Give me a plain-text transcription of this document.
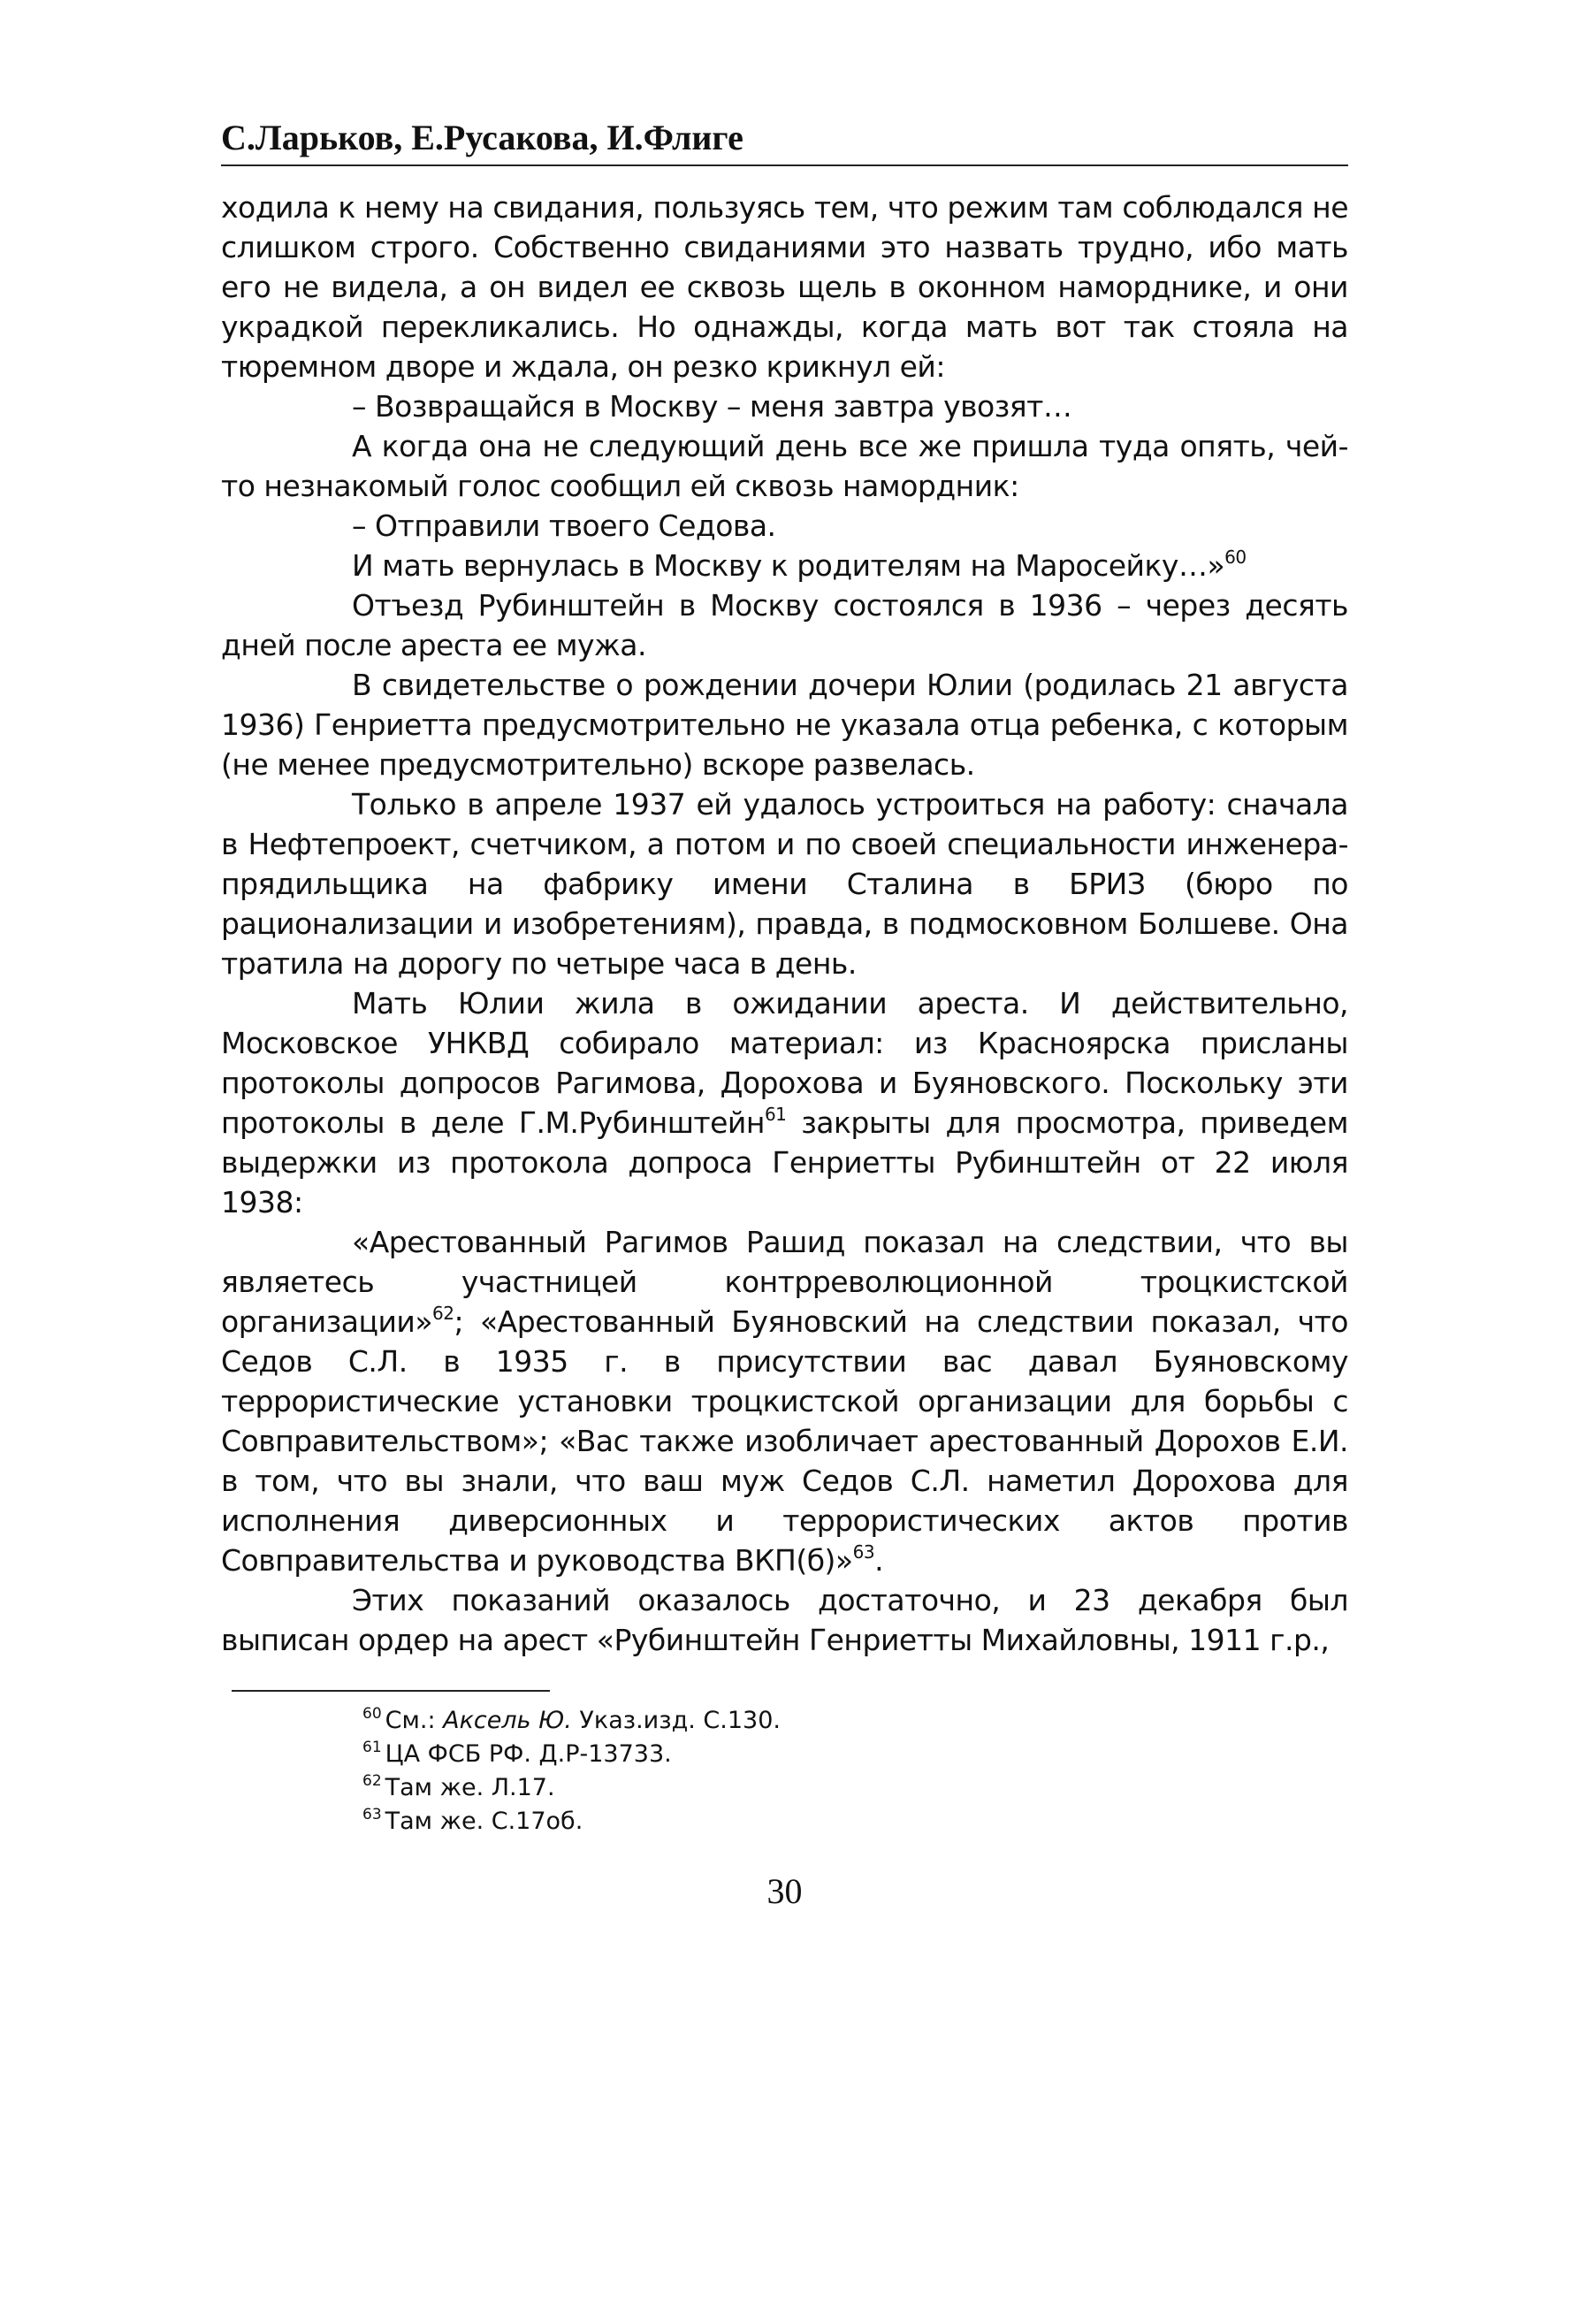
С.Ларьков, Е.Русакова, И.Флиге

ходила к нему на свидания, пользуясь тем, что режим там соблюдался не слишком строго. Собственно свиданиями это назвать трудно, ибо мать его не видела, а он видел ее сквозь щель в оконном наморднике, и они украдкой перекликались. Но однажды, когда мать вот так стояла на тюремном дворе и ждала, он резко крикнул ей:

– Возвращайся в Москву – меня завтра увозят…

А когда она не следующий день все же пришла туда опять, чей-то незнакомый голос сообщил ей сквозь намордник:

– Отправили твоего Седова.

И мать вернулась в Москву к родителям на Маросейку…»$^{60}$

Отъезд Рубинштейн в Москву состоялся в 1936 – через десять дней после ареста ее мужа.

В свидетельстве о рождении дочери Юлии (родилась 21 августа 1936) Генриетта предусмотрительно не указала отца ребенка, с которым (не менее предусмотрительно) вскоре развелась.

Только в апреле 1937 ей удалось устроиться на работу: сначала в Нефтепроект, счетчиком, а потом и по своей специальности инженера-прядильщика на фабрику имени Сталина в БРИЗ (бюро по рационализации и изобретениям), правда, в подмосковном Болшеве. Она тратила на дорогу по четыре часа в день.

Мать Юлии жила в ожидании ареста. И действительно, Московское УНКВД собирало материал: из Красноярска присланы протоколы допросов Рагимова, Дорохова и Буяновского. Поскольку эти протоколы в деле Г.М.Рубинштейн$^{61}$ закрыты для просмотра, приведем выдержки из протокола допроса Генриетты Рубинштейн от 22 июля 1938:

«Арестованный Рагимов Рашид показал на следствии, что вы являетесь участницей контрреволюционной троцкистской организации»$^{62}$; «Арестованный Буяновский на следствии показал, что Седов С.Л. в 1935 г. в присутствии вас давал Буяновскому террористические установки троцкистской организации для борьбы с Совправительством»; «Вас также изобличает арестованный Дорохов Е.И. в том, что вы знали, что ваш муж Седов С.Л. наметил Дорохова для исполнения диверсионных и террористических актов против Совправительства и руководства ВКП(б)»$^{63}$.

Этих показаний оказалось достаточно, и 23 декабря был выписан ордер на арест «Рубинштейн Генриетты Михайловны, 1911 г.р.,

$^{60}$ См.: Аксель Ю. Указ.изд. С.130.

$^{61}$ ЦА ФСБ РФ. Д.Р-13733.

$^{62}$ Там же. Л.17.

$^{63}$ Там же. С.17об.

30
